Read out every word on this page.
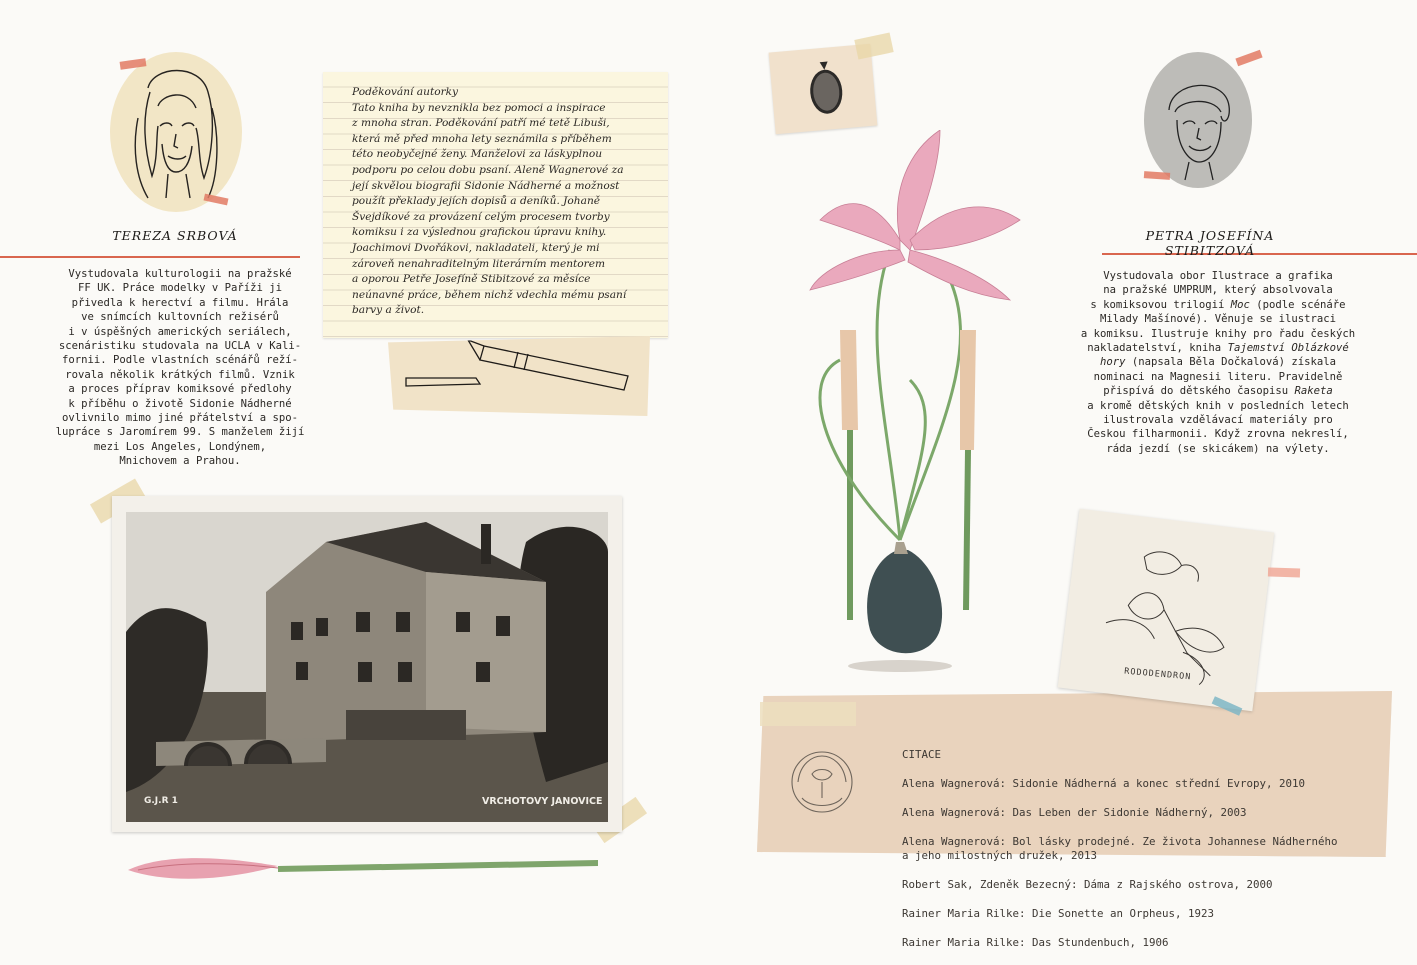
TEREZA SRBOVÁ
Vystudovala kulturologii na pražské
FF UK. Práce modelky v Paříži ji
přivedla k herectví a filmu. Hrála
ve snímcích kultovních režisérů
i v úspěšných amerických seriálech,
scenáristiku studovala na UCLA v Kali-
fornii. Podle vlastních scénářů reží-
rovala několik krátkých filmů. Vznik
a proces příprav komiksové předlohy
k příběhu o životě Sidonie Nádherné
ovlivnilo mimo jiné přátelství a spo-
lupráce s Jaromírem 99. S manželem žijí
mezi Los Angeles, Londýnem,
Mnichovem a Prahou.
Poděkování autorky
Tato kniha by nevznikla bez pomoci a inspirace
z mnoha stran. Poděkování patří mé tetě Libuši,
která mě před mnoha lety seznámila s příběhem
této neobyčejné ženy. Manželovi za láskyplnou
podporu po celou dobu psaní. Aleně Wagnerové za
její skvělou biografii Sidonie Nádherné a možnost
použít překlady jejích dopisů a deníků. Johaně
Švejdíkové za provázení celým procesem tvorby
komiksu i za výslednou grafickou úpravu knihy.
Joachimovi Dvořákovi, nakladateli, který je mi
zároveň nenahraditelným literárním mentorem
a oporou Petře Josefíně Stibitzové za měsíce
neúnavné práce, během nichž vdechla mému psaní
barvy a život.
G.J.R 1	VRCHOTOVY JANOVICE
PETRA JOSEFÍNA STIBITZOVÁ
Vystudovala obor Ilustrace a grafika
na pražské UMPRUM, který absolvovala
s komiksovou trilogií Moc (podle scénáře
Milady Mašínové). Věnuje se ilustraci
a komiksu. Ilustruje knihy pro řadu českých
nakladatelství, kniha Tajemství Oblázkové
hory (napsala Běla Dočkalová) získala
nominaci na Magnesii literu. Pravidelně
přispívá do dětského časopisu Raketa
a kromě dětských knih v posledních letech
ilustrovala vzdělávací materiály pro
Českou filharmonii. Když zrovna nekreslí,
ráda jezdí (se skicákem) na výlety.

CITACE

Alena Wagnerová: Sidonie Nádherná a konec střední Evropy, 2010

Alena Wagnerová: Das Leben der Sidonie Nádherný, 2003

Alena Wagnerová: Bol lásky prodejné. Ze života Johannese Nádherného
a jeho milostných družek, 2013

Robert Sak, Zdeněk Bezecný: Dáma z Rajského ostrova, 2000

Rainer Maria Rilke: Die Sonette an Orpheus, 1923

Rainer Maria Rilke: Das Stundenbuch, 1906

RODODENDRON
